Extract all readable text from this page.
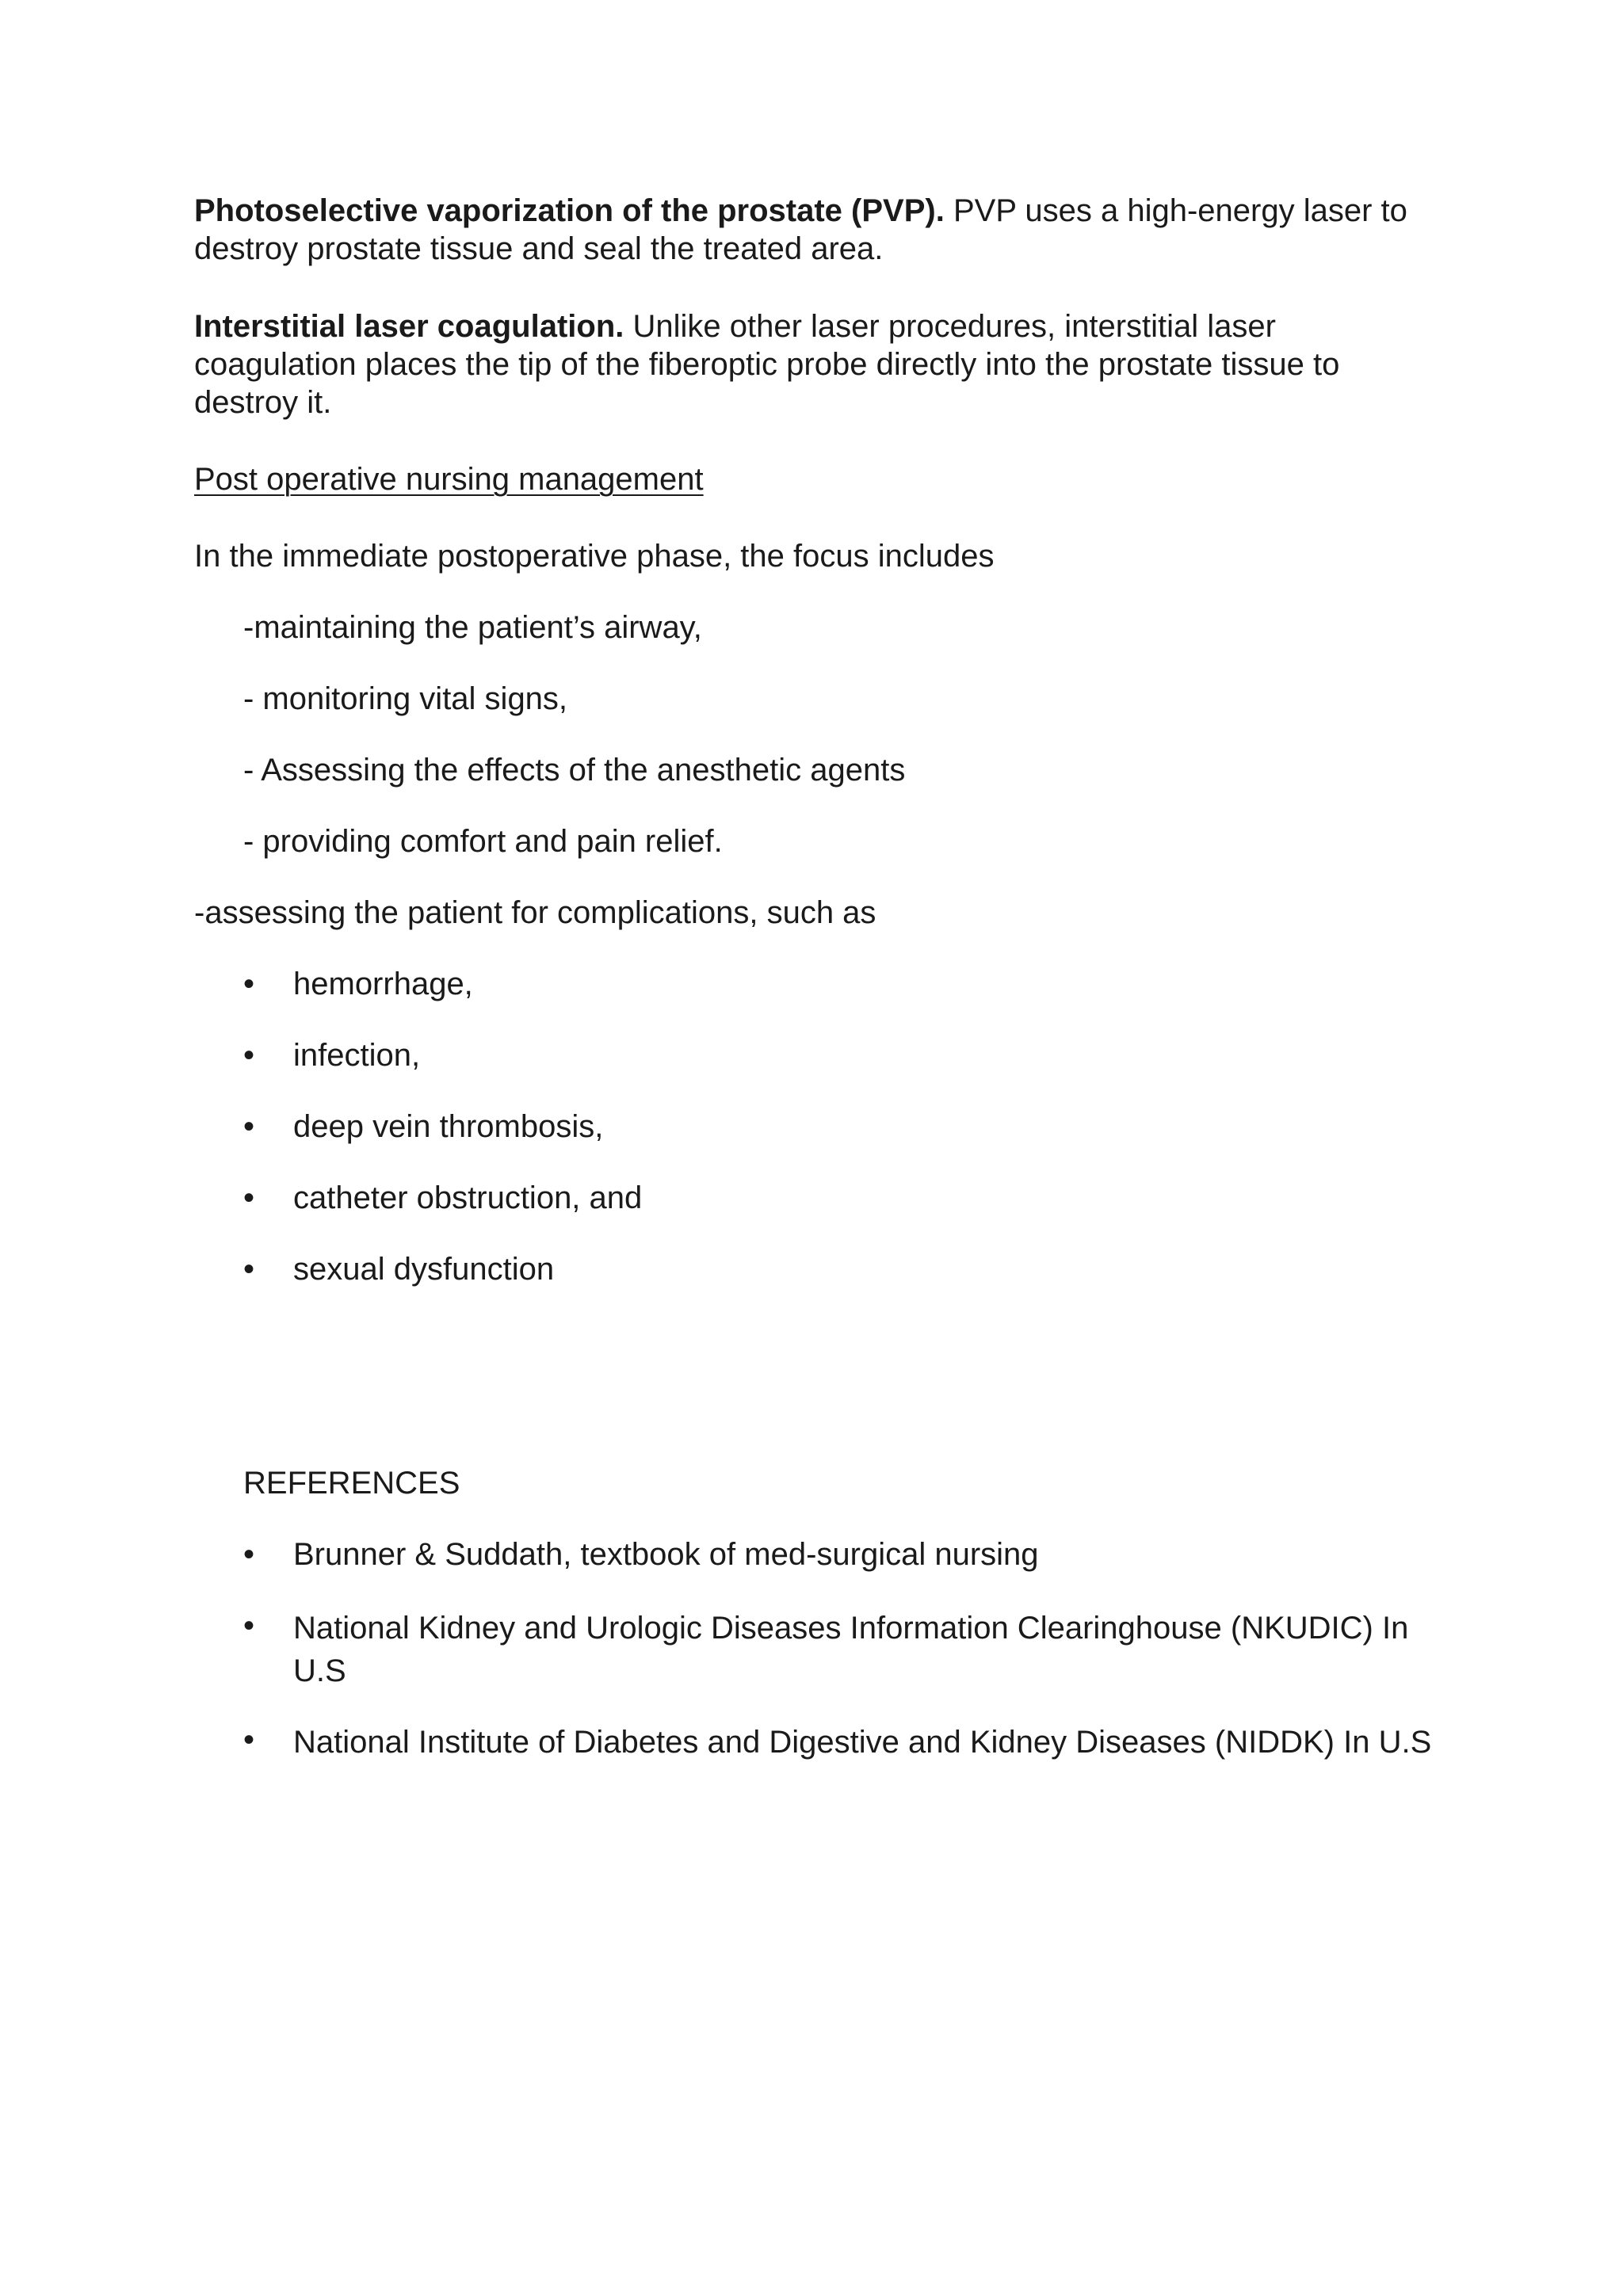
Photoselective vaporization of the prostate (PVP). PVP uses a high-energy laser to destroy prostate tissue and seal the treated area.

Interstitial laser coagulation. Unlike other laser procedures, interstitial laser coagulation places the tip of the fiberoptic probe directly into the prostate tissue to destroy it.

Post operative nursing management

In the immediate postoperative phase, the focus includes

-maintaining the patient’s airway,

- monitoring vital signs,

- Assessing the effects of the anesthetic agents

- providing comfort and pain relief.

-assessing the patient for complications, such as

•	hemorrhage,
•	infection,
•	deep vein thrombosis,
•	catheter obstruction, and
•	sexual dysfunction

REFERENCES

•	Brunner & Suddath, textbook of med-surgical nursing
•	National Kidney and Urologic Diseases Information Clearinghouse (NKUDIC) In U.S
•	National Institute of Diabetes and Digestive and Kidney Diseases (NIDDK) In U.S
